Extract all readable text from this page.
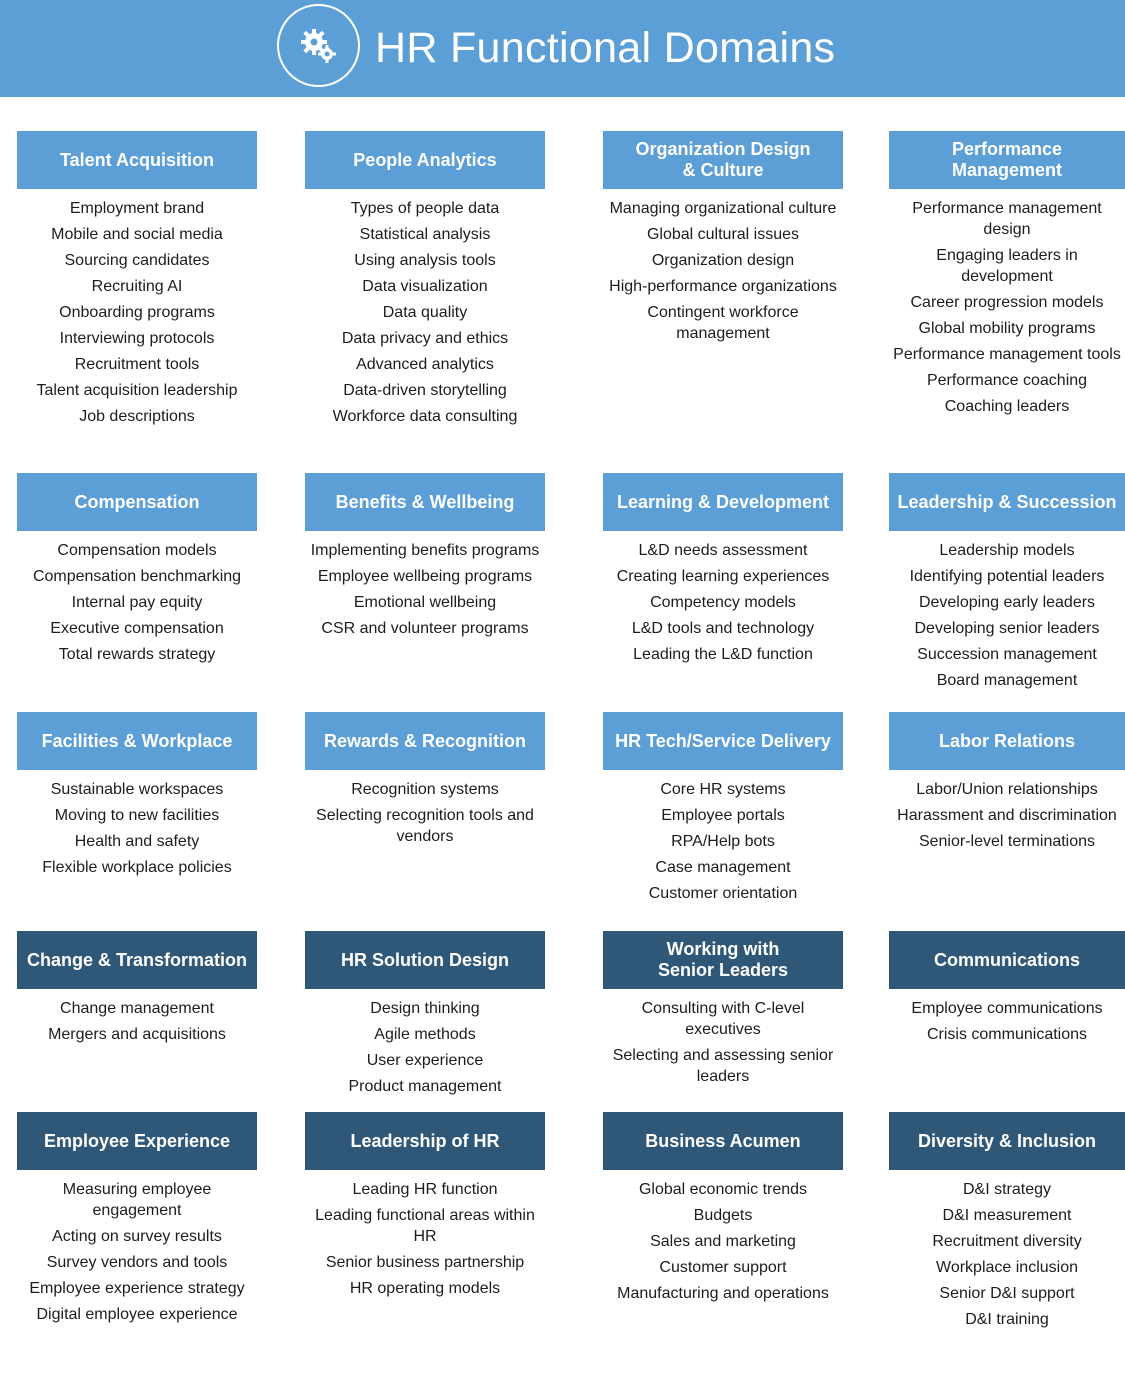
HR Functional Domains
Talent Acquisition
Employment brand
Mobile and social media
Sourcing candidates
Recruiting AI
Onboarding programs
Interviewing protocols
Recruitment tools
Talent acquisition leadership
Job descriptions
People Analytics
Types of people data
Statistical analysis
Using analysis tools
Data visualization
Data quality
Data privacy and ethics
Advanced analytics
Data-driven storytelling
Workforce data consulting
Organization Design
& Culture
Managing organizational culture
Global cultural issues
Organization design
High-performance organizations
Contingent workforce management
Performance
Management
Performance management design
Engaging leaders in development
Career progression models
Global mobility programs
Performance management tools
Performance coaching
Coaching leaders
Compensation
Compensation models
Compensation benchmarking
Internal pay equity
Executive compensation
Total rewards strategy
Benefits & Wellbeing
Implementing benefits programs
Employee wellbeing programs
Emotional wellbeing
CSR and volunteer programs
Learning & Development
L&D needs assessment
Creating learning experiences
Competency models
L&D tools and technology
Leading the L&D function
Leadership & Succession
Leadership models
Identifying potential leaders
Developing early leaders
Developing senior leaders
Succession management
Board management
Facilities & Workplace
Sustainable workspaces
Moving to new facilities
Health and safety
Flexible workplace policies
Rewards & Recognition
Recognition systems
Selecting recognition tools and vendors
HR Tech/Service Delivery
Core HR systems
Employee portals
RPA/Help bots
Case management
Customer orientation
Labor Relations
Labor/Union relationships
Harassment and discrimination
Senior-level terminations
Change & Transformation
Change management
Mergers and acquisitions
HR Solution Design
Design thinking
Agile methods
User experience
Product management
Working with
Senior Leaders
Consulting with C-level executives
Selecting and assessing senior leaders
Communications
Employee communications
Crisis communications
Employee Experience
Measuring employee engagement
Acting on survey results
Survey vendors and tools
Employee experience strategy
Digital employee experience
Leadership of HR
Leading HR function
Leading functional areas within HR
Senior business partnership
HR operating models
Business Acumen
Global economic trends
Budgets
Sales and marketing
Customer support
Manufacturing and operations
Diversity & Inclusion
D&I strategy
D&I measurement
Recruitment diversity
Workplace inclusion
Senior D&I support
D&I training
